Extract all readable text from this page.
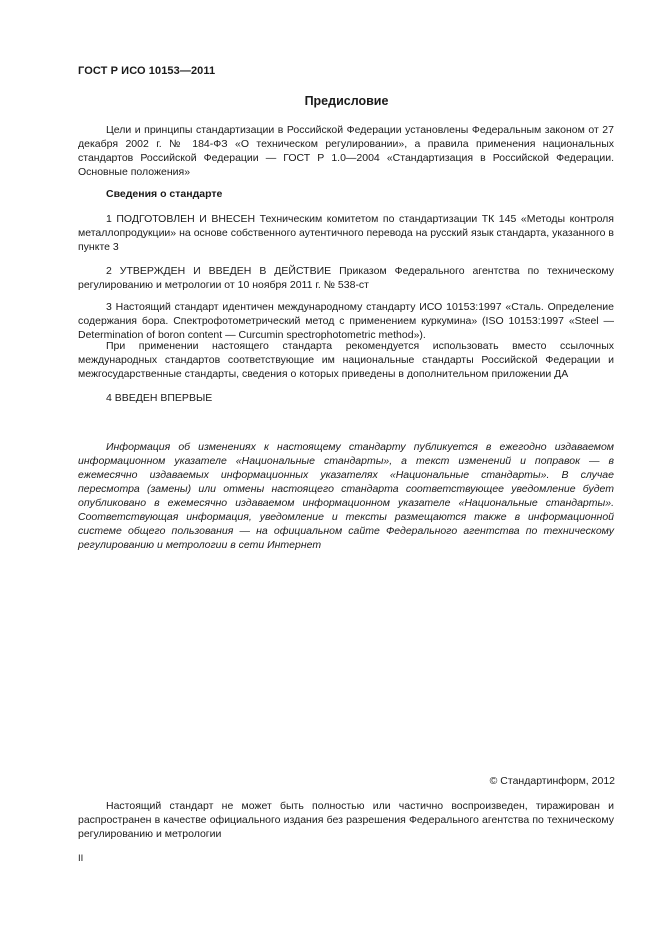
ГОСТ Р ИСО 10153—2011
Предисловие
Цели и принципы стандартизации в Российской Федерации установлены Федеральным законом от 27 декабря 2002 г. № 184-ФЗ «О техническом регулировании», а правила применения национальных стандартов Российской Федерации — ГОСТ Р 1.0—2004 «Стандартизация в Российской Федерации. Основные положения»
Сведения о стандарте
1 ПОДГОТОВЛЕН И ВНЕСЕН Техническим комитетом по стандартизации ТК 145 «Методы контроля металлопродукции» на основе собственного аутентичного перевода на русский язык стандарта, указанного в пункте 3
2 УТВЕРЖДЕН И ВВЕДЕН В ДЕЙСТВИЕ Приказом Федерального агентства по техническому регулированию и метрологии от 10 ноября 2011 г. № 538-ст
3 Настоящий стандарт идентичен международному стандарту ИСО 10153:1997 «Сталь. Определение содержания бора. Спектрофотометрический метод с применением куркумина» (ISO 10153:1997 «Steel — Determination of boron content — Curcumin spectrophotometric method»).
При применении настоящего стандарта рекомендуется использовать вместо ссылочных международных стандартов соответствующие им национальные стандарты Российской Федерации и межгосударственные стандарты, сведения о которых приведены в дополнительном приложении ДА
4 ВВЕДЕН ВПЕРВЫЕ
Информация об изменениях к настоящему стандарту публикуется в ежегодно издаваемом информационном указателе «Национальные стандарты», а текст изменений и поправок — в ежемесячно издаваемых информационных указателях «Национальные стандарты». В случае пересмотра (замены) или отмены настоящего стандарта соответствующее уведомление будет опубликовано в ежемесячно издаваемом информационном указателе «Национальные стандарты». Соответствующая информация, уведомление и тексты размещаются также в информационной системе общего пользования — на официальном сайте Федерального агентства по техническому регулированию и метрологии в сети Интернет
© Стандартинформ, 2012
Настоящий стандарт не может быть полностью или частично воспроизведен, тиражирован и распространен в качестве официального издания без разрешения Федерального агентства по техническому регулированию и метрологии
II
